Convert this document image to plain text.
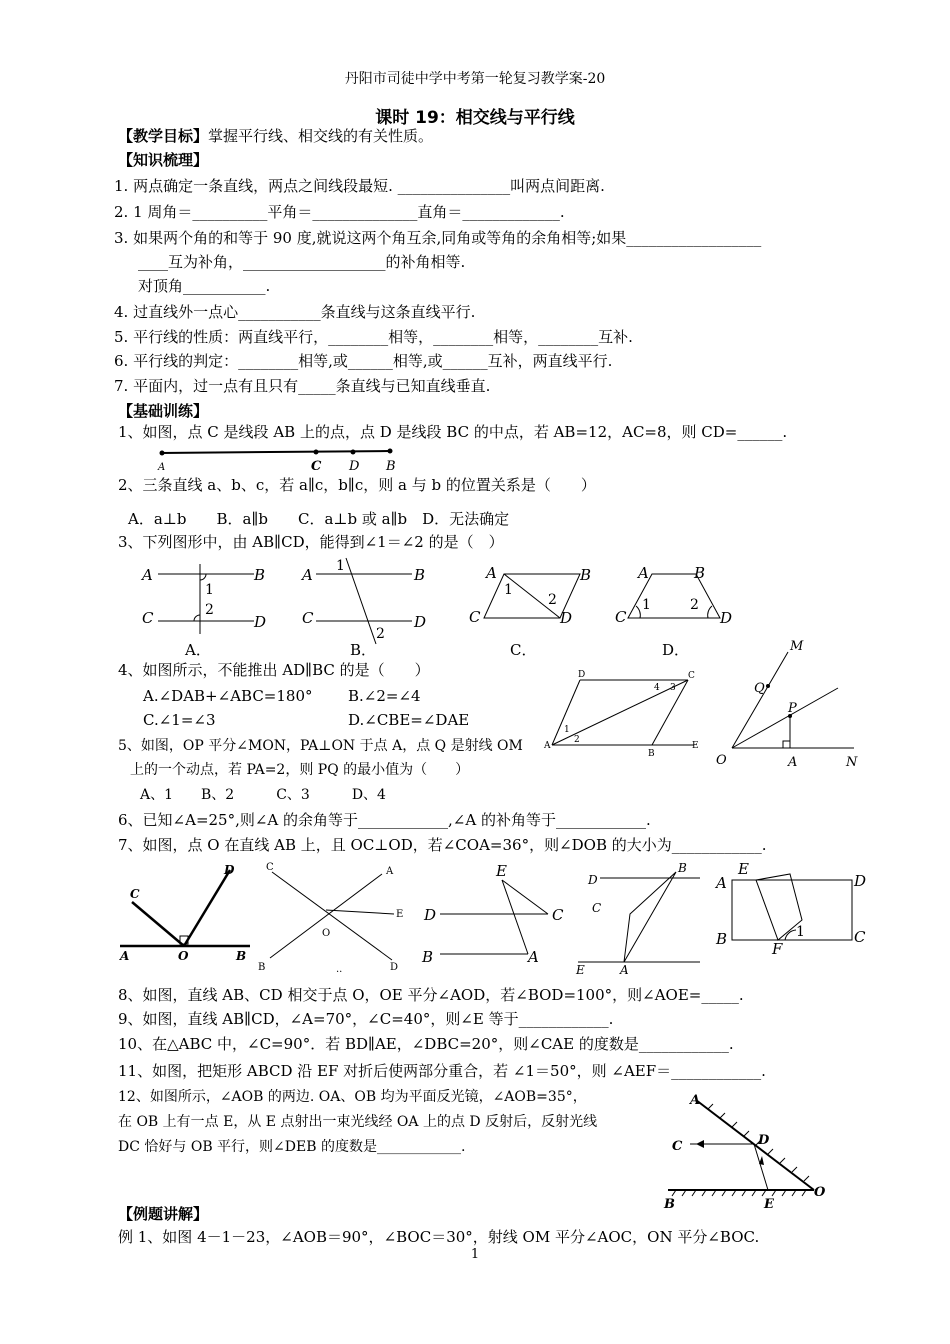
丹阳市司徒中学中考第一轮复习教学案-20
课时 19：相交线与平行线
【教学目标】掌握平行线、相交线的有关性质。
【知识梳理】
1. 两点确定一条直线，两点之间线段最短. _______________叫两点间距离.
2. 1 周角＝__________平角＝______________直角＝_____________.
3. 如果两个角的和等于 90 度,就说这两个角互余,同角或等角的余角相等;如果__________________
____互为补角，___________________的补角相等.
对顶角___________.
4. 过直线外一点心___________条直线与这条直线平行.
5. 平行线的性质：两直线平行，________相等，________相等，________互补.
6. 平行线的判定：________相等,或______相等,或______互补，两直线平行.
7. 平面内，过一点有且只有_____条直线与已知直线垂直.
【基础训练】
1、如图，点 C 是线段 AB 上的点，点 D 是线段 BC 的中点，若 AB=12，AC=8，则 CD=______.
A	C D B
2、三条直线 a、b、c，若 a∥c，b∥c，则 a 与 b 的位置关系是（　　）
A．a⊥b　　B．a∥b　　C．a⊥b 或 a∥b　D．无法确定
3、下列图形中，由 AB∥CD，能得到∠1＝∠2 的是（　）
A	B
C	D
1
2
A	B
C	D
1
2
A	B
C	D
1
2
A	B
C	D
1	2
A．	B．	C．	D．
4、如图所示，不能推出 AD∥BC 的是（　　）
A.∠DAB+∠ABC=180° B.∠2=∠4
C.∠1=∠3	D.∠CBE=∠DAE
D	C
A
B
E
1
2
3
4
5、如图，OP 平分∠MON，PA⊥ON 于点 A，点 Q 是射线 OM
上的一个动点，若 PA=2，则 PQ 的最小值为（　　）
A、1　　B、2　　　C、3　　　D、4
M
Q
P
O	A	N
6、已知∠A=25°,则∠A 的余角等于____________,∠A 的补角等于____________.
7、如图，点 O 在直线 AB 上，且 OC⊥OD，若∠COA=36°，则∠DOB 的大小为____________.
C
D
A	O	B
C	A
E
O
B	D
..
D	C
B	A
E	D
B
C
E	A
A	D
B	C
E
F
1
8、如图，直线 AB、CD 相交于点 O，OE 平分∠AOD，若∠BOD=100°，则∠AOE=_____.
9、如图，直线 AB∥CD，∠A=70°，∠C=40°，则∠E 等于____________.
10、在△ABC 中，∠C=90°．若 BD∥AE，∠DBC=20°，则∠CAE 的度数是____________.
11、如图，把矩形 ABCD 沿 EF 对折后使两部分重合，若 ∠1＝50°，则 ∠AEF＝____________.
12、如图所示，∠AOB 的两边. OA、OB 均为平面反光镜，∠AOB=35°，
在 OB 上有一点 E，从 E 点射出一束光线经 OA 上的点 D 反射后，反射光线
DC 恰好与 OB 平行，则∠DEB 的度数是____________.
A
C	D
B	E
O
【例题讲解】
例 1、如图 4－1－23，∠AOB＝90°，∠BOC＝30°，射线 OM 平分∠AOC，ON 平分∠BOC.
1
